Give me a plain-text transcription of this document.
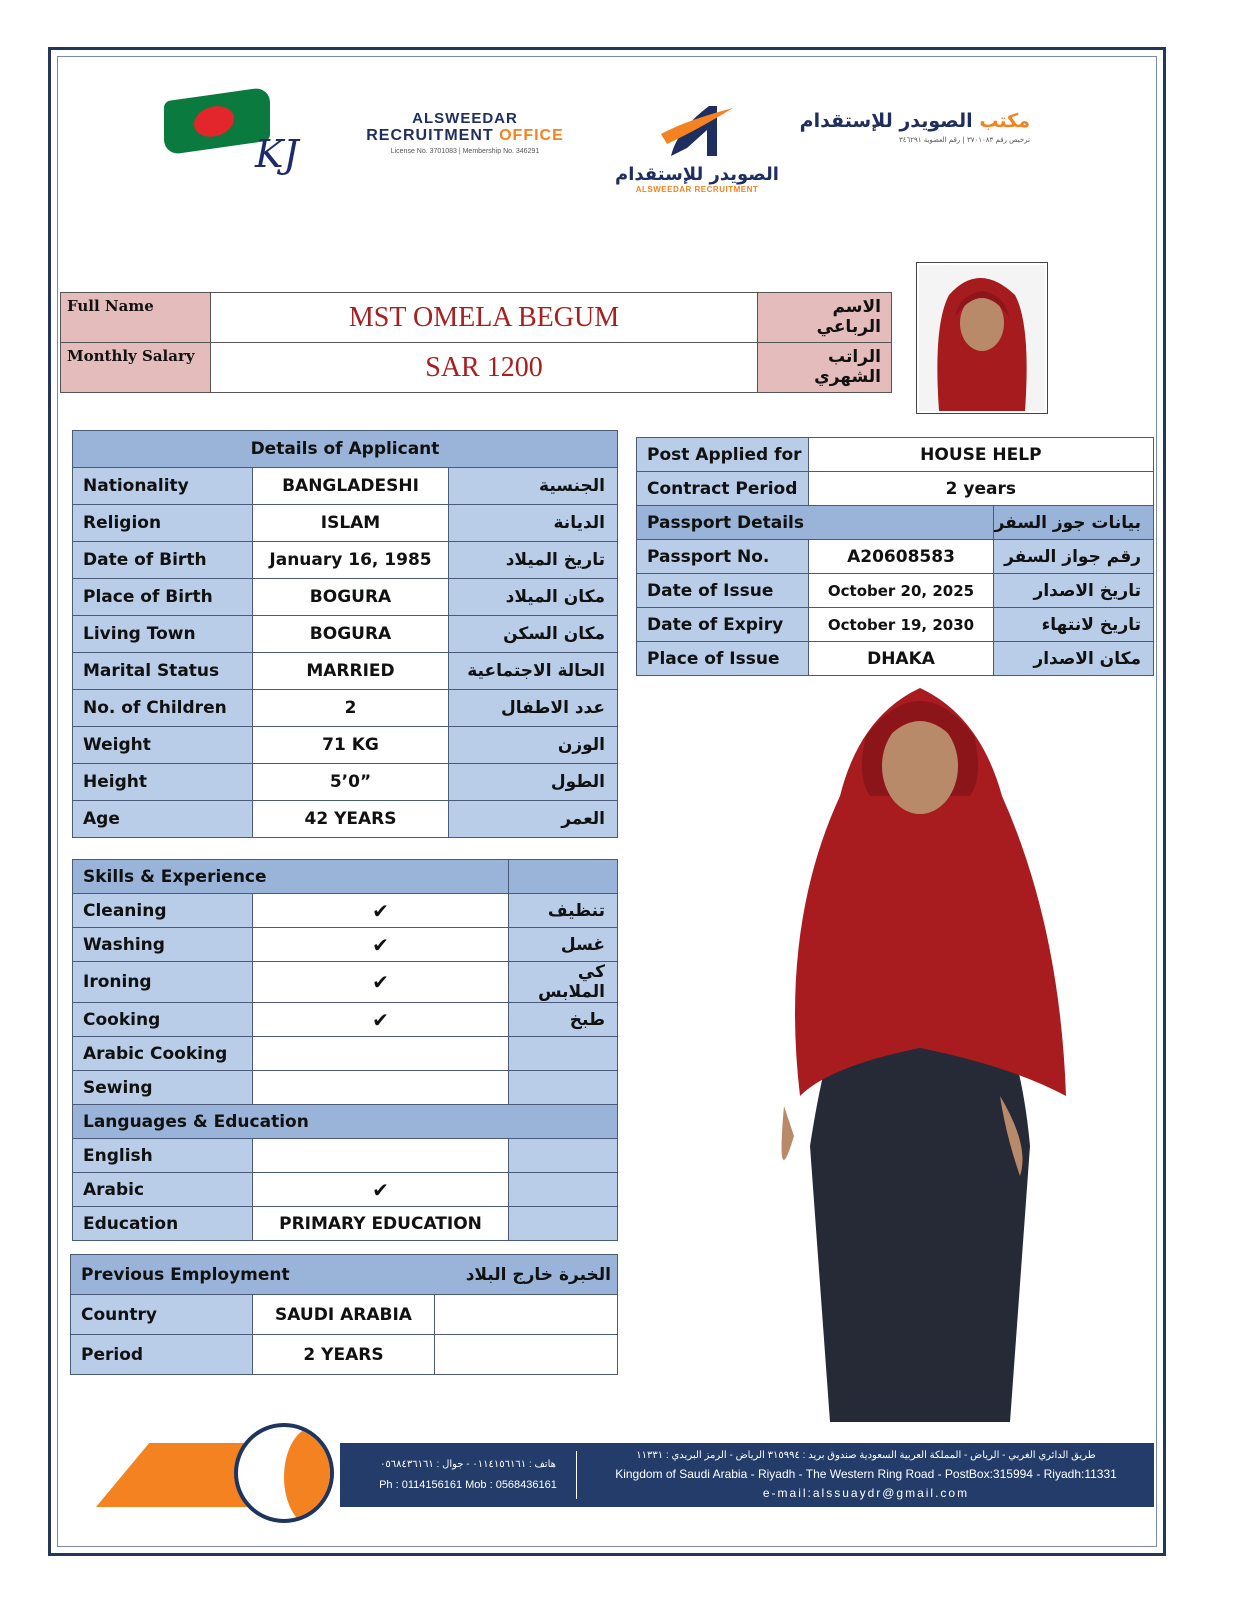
KJ
ALSWEEDAR
RECRUITMENT OFFICE
License No. 3701083 | Membership No. 346291
الصويدر للإستقدام
ALSWEEDAR RECRUITMENT
مكتب الصويدر للإستقدام
ترخيص رقم ٣٧٠١٠٨٣ | رقم العضوية ٣٤٦٢٩١
Full Name	MST OMELA BEGUM	الاسم الرباعي
Monthly Salary	SAR 1200	الراتب الشهري
Details of Applicant		
Nationality	BANGLADESHI	الجنسية
Religion	ISLAM	الديانة
Date of Birth	January 16, 1985	تاريخ الميلاد
Place of Birth	BOGURA	مكان الميلاد
Living Town	BOGURA	مكان السكن
Marital Status	MARRIED	الحالة الاجتماعية
No. of Children	2	عدد الاطفال
Weight	71 KG	الوزن
Height	5’0”	الطول
Age	42 YEARS	العمر
Post Applied for	HOUSE HELP	
Contract Period	2 years	
Passport Details		بيانات جوز السفر
Passport No.	A20608583	رقم جواز السفر
Date of Issue	October 20, 2025	تاريخ الاصدار
Date of Expiry	October 19, 2030	تاريخ لانتهاء
Place of Issue	DHAKA	مكان الاصدار
Skills & Experience		
Cleaning	✔	تنظيف
Washing	✔	غسل
Ironing	✔	كي الملابس
Cooking	✔	طبخ
Arabic Cooking		
Sewing		
Languages & Education		
English		
Arabic	✔	
Education	PRIMARY EDUCATION	
Previous Employment الخبرة خارج البلاد		

Country	SAUDI ARABIA	
Period	2 YEARS	
هاتف : ٠١١٤١٥٦١٦١ - جوال : ٠٥٦٨٤٣٦١٦١
Ph : 0114156161 Mob : 0568436161
طريق الدائري الغربي - الرياض - المملكة العربية السعودية صندوق بريد : ٣١٥٩٩٤ الرياض - الرمز البريدي : ١١٣٣١
Kingdom of Saudi Arabia - Riyadh - The Western Ring Road - PostBox:315994 - Riyadh:11331
e-mail:alssuaydr@gmail.com
